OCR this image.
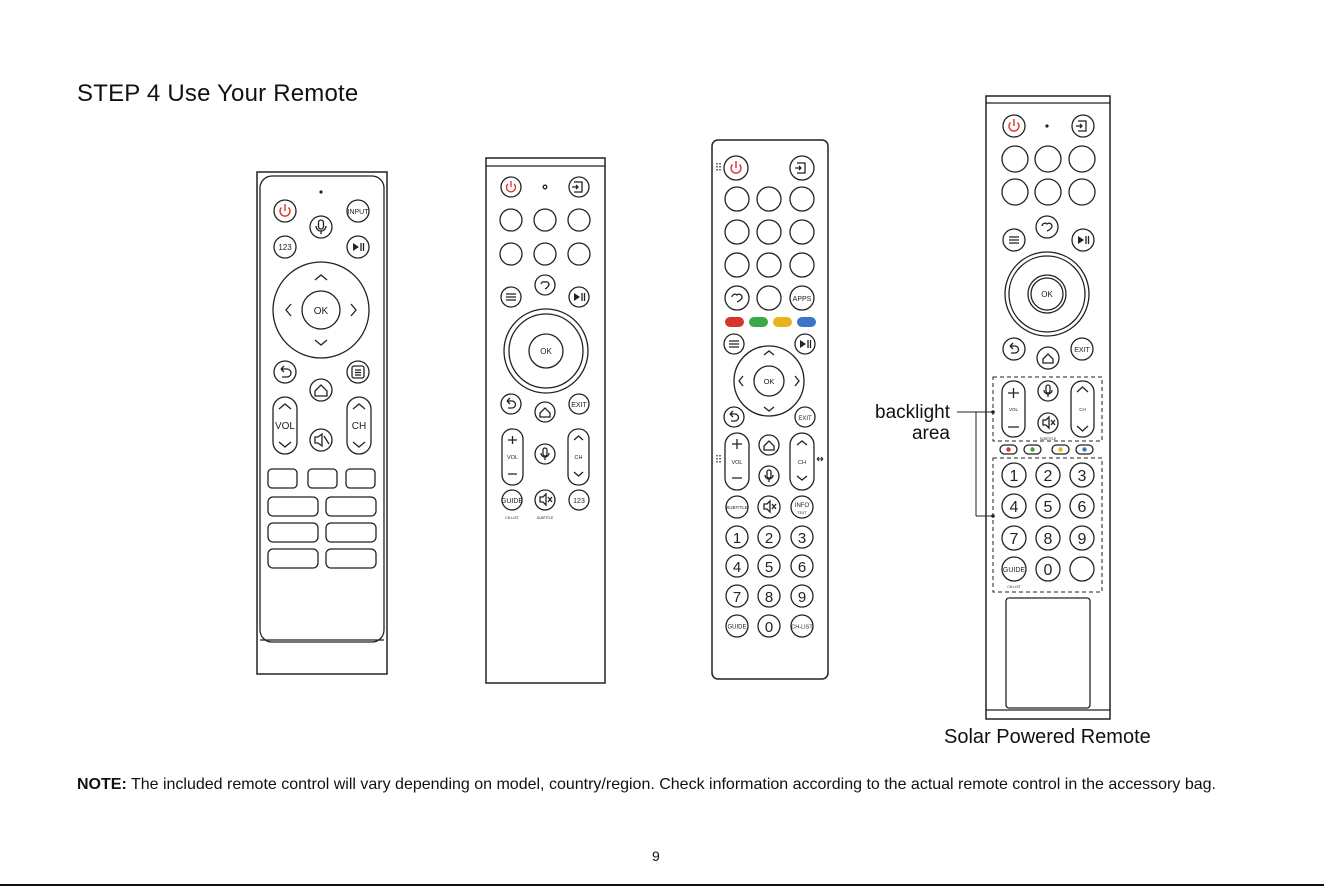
STEP 4 Use Your Remote
INPUT
123
OK
VOL	CH
OK
EXIT
VOL	CH
GUIDE
CH-LIST	SUBTITLE
123
APPS
OK
EXIT
VOL	CH
SUBTITLE	INFO
TEXT
1 2 3
4 5 6
7 8 9
GUIDE 0	CH-LIST
OK
EXIT
VOL	CH
SUBTITLE
1 2 3
4 5 6
7 8 9
GUIDE
CH-LIST
0
backlight
area
Solar Powered Remote

NOTE: The included remote control will vary depending on model, country/region. Check information according to the actual remote control in the accessory bag.

9
